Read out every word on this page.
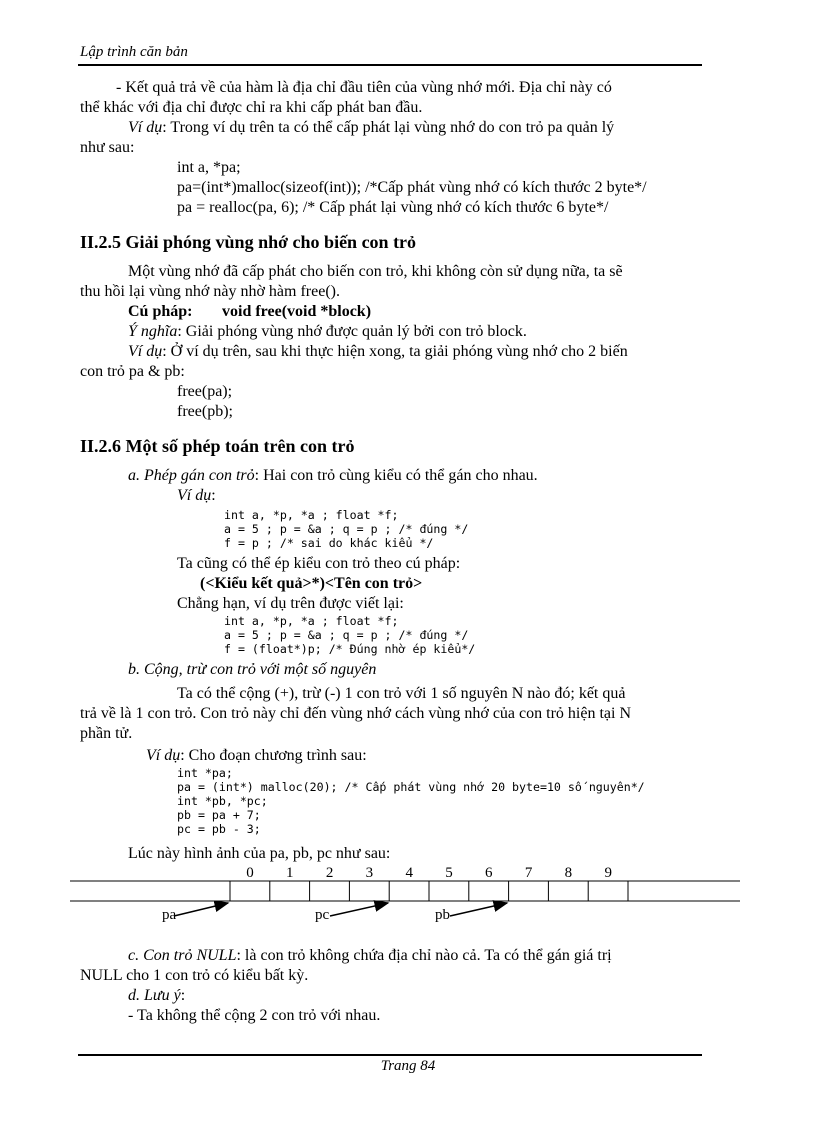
Lập trình căn bản
- Kết quả trả về của hàm là địa chỉ đầu tiên của vùng nhớ mới. Địa chỉ này có
thể khác với địa chỉ được chỉ ra khi cấp phát ban đầu.
Ví dụ: Trong ví dụ trên ta có thể cấp phát lại vùng nhớ do con trỏ pa quản lý
như sau:
int a, *pa;
pa=(int*)malloc(sizeof(int)); /*Cấp phát vùng nhớ có kích thước 2 byte*/
pa = realloc(pa, 6); /* Cấp phát lại vùng nhớ có kích thước 6 byte*/
II.2.5 Giải phóng vùng nhớ cho biến con trỏ
Một vùng nhớ đã cấp phát cho biến con trỏ, khi không còn sử dụng nữa, ta sẽ
thu hồi lại vùng nhớ này nhờ hàm free().
Cú pháp: void free(void *block)
Ý nghĩa: Giải phóng vùng nhớ được quản lý bởi con trỏ block.
Ví dụ: Ở ví dụ trên, sau khi thực hiện xong, ta giải phóng vùng nhớ cho 2 biến
con trỏ pa & pb:
free(pa);
free(pb);
II.2.6 Một số phép toán trên con trỏ
a. Phép gán con trỏ: Hai con trỏ cùng kiểu có thể gán cho nhau.
Ví dụ:
int a, *p, *a ; float *f;
a = 5 ; p = &a ; q = p ; /* đúng */
f = p ; /* sai do khác kiểu */
Ta cũng có thể ép kiểu con trỏ theo cú pháp:
(<Kiểu kết quả>*)<Tên con trỏ>
Chẳng hạn, ví dụ trên được viết lại:
int a, *p, *a ; float *f;
a = 5 ; p = &a ; q = p ; /* đúng */
f = (float*)p; /* Đúng nhờ ép kiểu*/
b. Cộng, trừ con trỏ với một số nguyên
Ta có thể cộng (+), trừ (-) 1 con trỏ với 1 số nguyên N nào đó; kết quả
trả về là 1 con trỏ. Con trỏ này chỉ đến vùng nhớ cách vùng nhớ của con trỏ hiện tại N
phần tử.
Ví dụ: Cho đoạn chương trình sau:
int *pa;
pa = (int*) malloc(20); /* Cấp phát vùng nhớ 20 byte=10 số nguyên*/
int *pb, *pc;
pb = pa + 7;
pc = pb - 3;
Lúc này hình ảnh của pa, pb, pc như sau:
0 1 2 3 4 5 6 7 8 9
pa	pc	pb
c. Con trỏ NULL: là con trỏ không chứa địa chỉ nào cả. Ta có thể gán giá trị
NULL cho 1 con trỏ có kiểu bất kỳ.
d. Lưu ý:
- Ta không thể cộng 2 con trỏ với nhau.
Trang 84
